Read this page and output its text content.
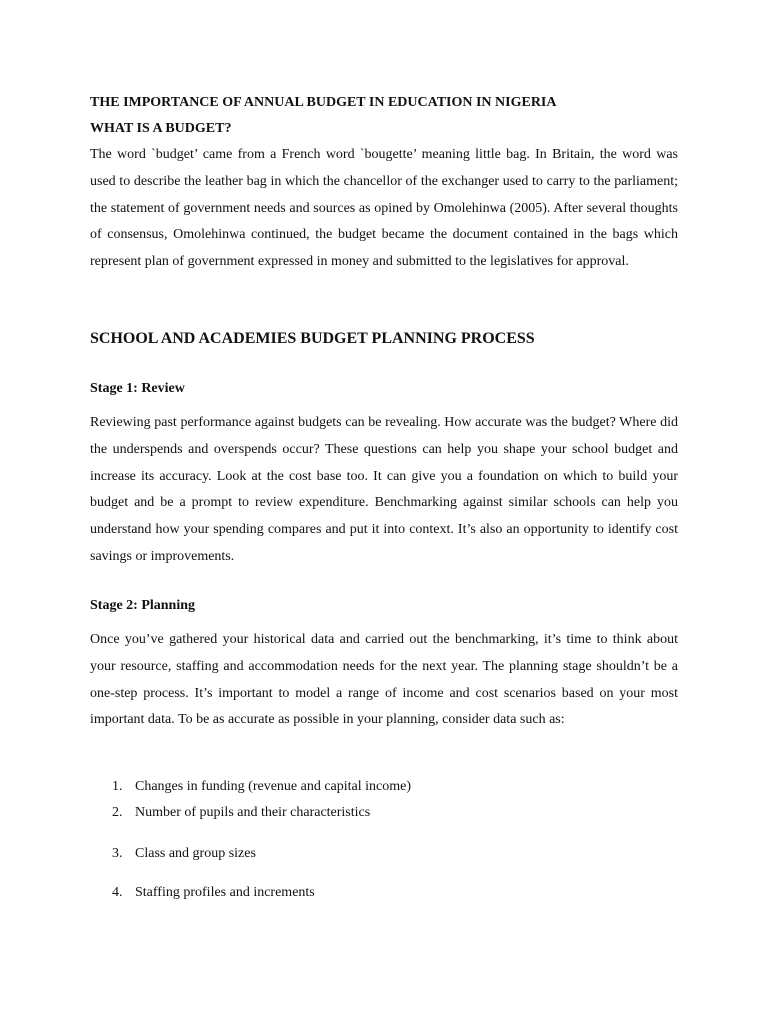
THE IMPORTANCE OF ANNUAL BUDGET IN EDUCATION IN NIGERIA

WHAT IS A BUDGET?

The word `budget’ came from a French word `bougette’ meaning little bag. In Britain, the word was used to describe the leather bag in which the chancellor of the exchanger used to carry to the parliament; the statement of government needs and sources as opined by Omolehinwa (2005). After several thoughts of consensus, Omolehinwa continued, the budget became the document contained in the bags which represent plan of government expressed in money and submitted to the legislatives for approval.

SCHOOL AND ACADEMIES BUDGET PLANNING PROCESS

Stage 1: Review

Reviewing past performance against budgets can be revealing. How accurate was the budget? Where did the underspends and overspends occur? These questions can help you shape your school budget and increase its accuracy. Look at the cost base too. It can give you a foundation on which to build your budget and be a prompt to review expenditure. Benchmarking against similar schools can help you understand how your spending compares and put it into context. It’s also an opportunity to identify cost savings or improvements.

Stage 2: Planning

Once you’ve gathered your historical data and carried out the benchmarking, it’s time to think about your resource, staffing and accommodation needs for the next year. The planning stage shouldn’t be a one-step process. It’s important to model a range of income and cost scenarios based on your most important data. To be as accurate as possible in your planning, consider data such as:

1. Changes in funding (revenue and capital income)
2. Number of pupils and their characteristics
3. Class and group sizes
4. Staffing profiles and increments
